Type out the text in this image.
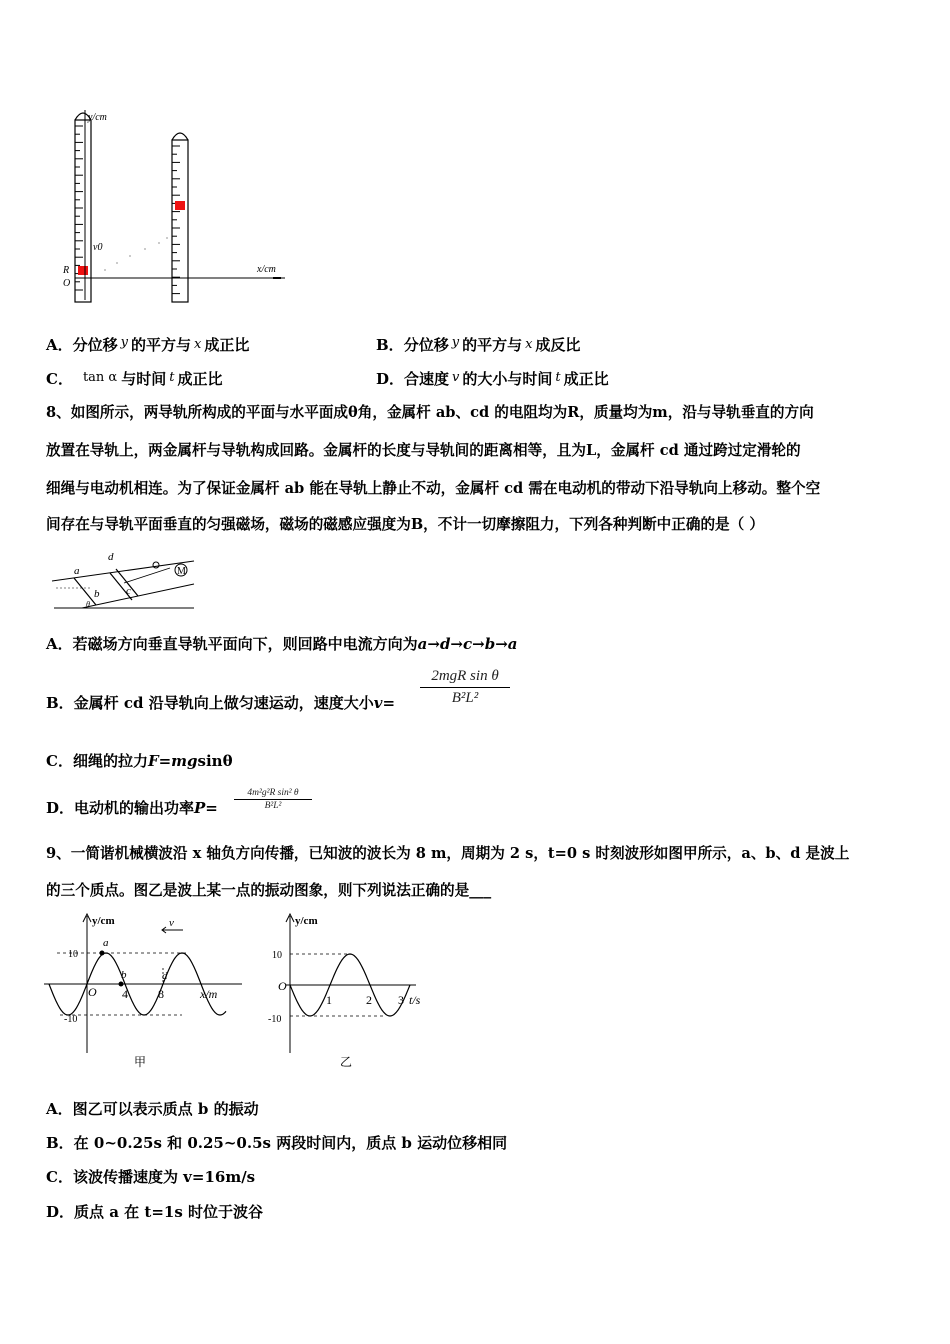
y/cm
x/cm
v0
R
O
A．分位移 y 的平方与 x 成正比	B．分位移 y 的平方与 x 成反比
C． tan α 与时间 t 成正比	D．合速度 v 的大小与时间 t 成正比
8、如图所示，两导轨所构成的平面与水平面成θ角，金属杆 ab、cd 的电阻均为R，质量均为m，沿与导轨垂直的方向
放置在导轨上，两金属杆与导轨构成回路。金属杆的长度与导轨间的距离相等，且为L，金属杆 cd 通过跨过定滑轮的
细绳与电动机相连。为了保证金属杆 ab 能在导轨上静止不动，金属杆 cd 需在电动机的带动下沿导轨向上移动。整个空
间存在与导轨平面垂直的匀强磁场，磁场的磁感应强度为B，不计一切摩擦阻力，下列各种判断中正确的是（ ）
M
a
d
b c
θ
A．若磁场方向垂直导轨平面向下，则回路中电流方向为a→d→c→b→a
B．金属杆 cd 沿导轨向上做匀速运动，速度大小v=
2mgR sin θ
B²L²
C．细绳的拉力F=mgsinθ
D．电动机的输出功率P=
4m²g²R sin² θ
B²L²
9、一简谐机械横波沿 x 轴负方向传播，已知波的波长为 8 m，周期为 2 s，t=0 s 时刻波形如图甲所示，a、b、d 是波上
的三个质点。图乙是波上某一点的振动图象，则下列说法正确的是___
v
y/cm
x/m
10
-10
O 4	8
a
b	d
甲
y/cm
t/s
10
-10
O
1	2 3
乙
A．图乙可以表示质点 b 的振动
B．在 0~0.25s 和 0.25~0.5s 两段时间内，质点 b 运动位移相同
C．该波传播速度为 v=16m/s
D．质点 a 在 t=1s 时位于波谷
